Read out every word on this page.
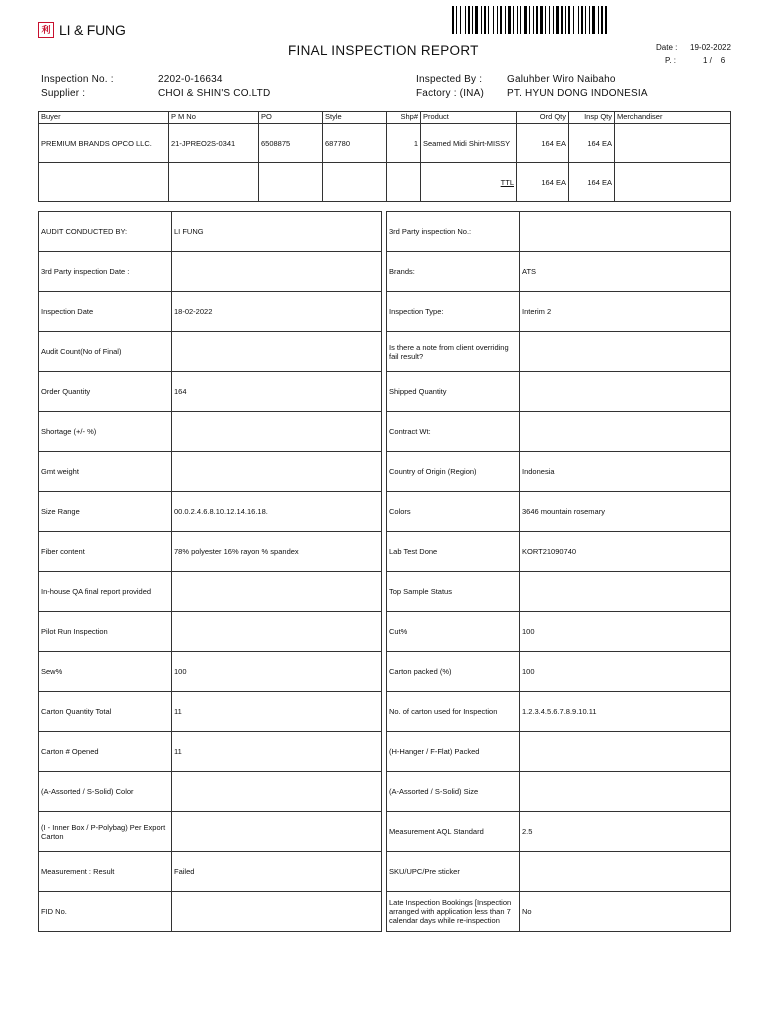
利 LI & FUNG
FINAL INSPECTION REPORT	Date : 19-02-2022
P. :	1 /    6
Inspection No. :	2202-0-16634
Supplier :	CHOI & SHIN'S CO.LTD
Inspected By : Galuhber Wiro Naibaho
Factory : (INA) PT. HYUN DONG INDONESIA
Buyer	P M No	PO	Style	Shp#	Product	Ord Qty	Insp Qty	Merchandiser
PREMIUM BRANDS OPCO LLC.	21-JPREO2S-0341	6508875	687780	1	Seamed Midi Shirt-MISSY	164 EA	164 EA	
					TTL	164 EA	164 EA	
AUDIT CONDUCTED BY:	LI FUNG
3rd Party inspection Date :	
Inspection Date	18-02-2022
Audit Count(No of Final)	
Order Quantity	164
Shortage (+/- %)	
Gmt weight	
Size Range	00.0.2.4.6.8.10.12.14.16.18.
Fiber content	78% polyester 16% rayon % spandex
In-house QA final report provided	
Pilot Run Inspection	
Sew%	100
Carton Quantity Total	11
Carton # Opened	11
(A-Assorted / S-Solid) Color	
(I - Inner Box / P-Polybag) Per Export Carton	
Measurement : Result	Failed
FID No.	
3rd Party inspection No.:	
Brands:	ATS
Inspection Type:	Interim 2
Is there a note from client overriding fail result?	
Shipped Quantity	
Contract Wt:	
Country of Origin (Region)	Indonesia
Colors	3646 mountain rosemary
Lab Test Done	KORT21090740
Top Sample Status	
Cut%	100
Carton packed (%)	100
No. of carton used for Inspection	1.2.3.4.5.6.7.8.9.10.11
(H-Hanger / F-Flat) Packed	
(A-Assorted / S-Solid) Size	
Measurement AQL Standard	2.5
SKU/UPC/Pre sticker	
Late Inspection Bookings [Inspection arranged with application less than 7 calendar days while re-inspection	No
